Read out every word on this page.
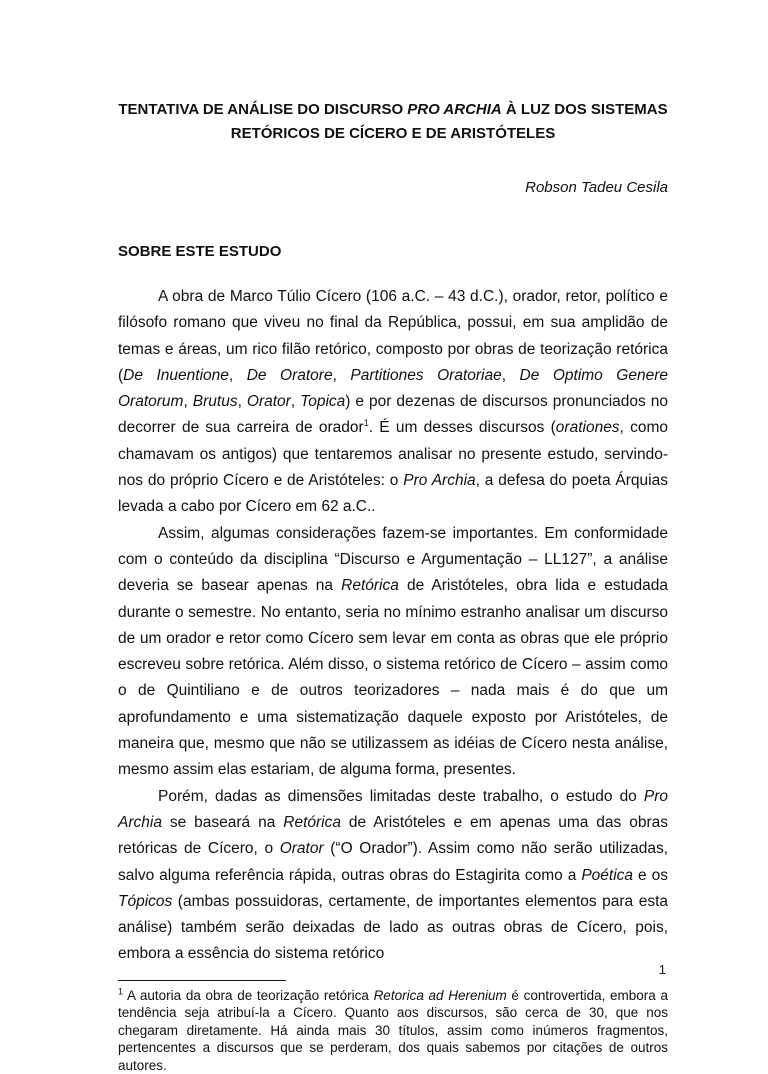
TENTATIVA DE ANÁLISE DO DISCURSO PRO ARCHIA À LUZ DOS SISTEMAS
RETÓRICOS DE CÍCERO E DE ARISTÓTELES
Robson Tadeu Cesila
SOBRE ESTE ESTUDO

A obra de Marco Túlio Cícero (106 a.C. – 43 d.C.), orador, retor, político e filósofo romano que viveu no final da República, possui, em sua amplidão de temas e áreas, um rico filão retórico, composto por obras de teorização retórica (De Inuentione, De Oratore, Partitiones Oratoriae, De Optimo Genere Oratorum, Brutus, Orator, Topica) e por dezenas de discursos pronunciados no decorrer de sua carreira de orador$^1$. É um desses discursos (orationes, como chamavam os antigos) que tentaremos analisar no presente estudo, servindo-nos do próprio Cícero e de Aristóteles: o Pro Archia, a defesa do poeta Árquias levada a cabo por Cícero em 62 a.C..

Assim, algumas considerações fazem-se importantes. Em conformidade com o conteúdo da disciplina “Discurso e Argumentação – LL127”, a análise deveria se basear apenas na Retórica de Aristóteles, obra lida e estudada durante o semestre. No entanto, seria no mínimo estranho analisar um discurso de um orador e retor como Cícero sem levar em conta as obras que ele próprio escreveu sobre retórica. Além disso, o sistema retórico de Cícero – assim como o de Quintiliano e de outros teorizadores – nada mais é do que um aprofundamento e uma sistematização daquele exposto por Aristóteles, de maneira que, mesmo que não se utilizassem as idéias de Cícero nesta análise, mesmo assim elas estariam, de alguma forma, presentes.

Porém, dadas as dimensões limitadas deste trabalho, o estudo do Pro Archia se baseará na Retórica de Aristóteles e em apenas uma das obras retóricas de Cícero, o Orator (“O Orador”). Assim como não serão utilizadas, salvo alguma referência rápida, outras obras do Estagirita como a Poética e os Tópicos (ambas possuidoras, certamente, de importantes elementos para esta análise) também serão deixadas de lado as outras obras de Cícero, pois, embora a essência do sistema retórico

$^1$ A autoria da obra de teorização retórica Retorica ad Herenium é controvertida, embora a tendência seja atribuí-la a Cícero. Quanto aos discursos, são cerca de 30, que nos chegaram diretamente. Há ainda mais 30 títulos, assim como inúmeros fragmentos, pertencentes a discursos que se perderam, dos quais sabemos por citações de outros autores.
1
